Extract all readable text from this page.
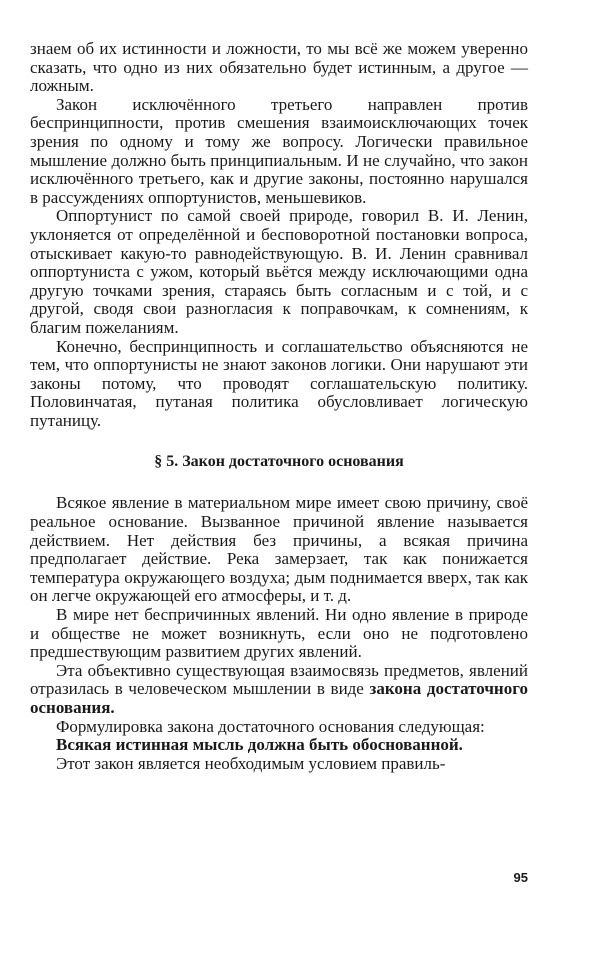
знаем об их истинности и ложности, то мы всё же можем уверенно сказать, что одно из них обязательно будет истинным, а другое — ложным.

Закон исключённого третьего направлен против беспринципности, против смешения взаимоисключающих точек зрения по одному и тому же вопросу. Логически правильное мышление должно быть принципиальным. И не случайно, что закон исключённого третьего, как и другие законы, постоянно нарушался в рассуждениях оппортунистов, меньшевиков.

Оппортунист по самой своей природе, говорил В. И. Ленин, уклоняется от определённой и бесповоротной постановки вопроса, отыскивает какую-то равнодействующую. В. И. Ленин сравнивал оппортуниста с ужом, который вьётся между исключающими одна другую точками зрения, стараясь быть согласным и с той, и с другой, сводя свои разногласия к поправочкам, к сомнениям, к благим пожеланиям.

Конечно, беспринципность и соглашательство объясняются не тем, что оппортунисты не знают законов логики. Они нарушают эти законы потому, что проводят соглашательскую политику. Половинчатая, путаная политика обусловливает логическую путаницу.

§ 5. Закон достаточного основания

Всякое явление в материальном мире имеет свою причину, своё реальное основание. Вызванное причиной явление называется действием. Нет действия без причины, а всякая причина предполагает действие. Река замерзает, так как понижается температура окружающего воздуха; дым поднимается вверх, так как он легче окружающей его атмосферы, и т. д.

В мире нет беспричинных явлений. Ни одно явление в природе и обществе не может возникнуть, если оно не подготовлено предшествующим развитием других явлений.

Эта объективно существующая взаимосвязь предметов, явлений отразилась в человеческом мышлении в виде закона достаточного основания.

Формулировка закона достаточного основания следующая:

Всякая истинная мысль должна быть обоснованной.

Этот закон является необходимым условием правиль-

95
